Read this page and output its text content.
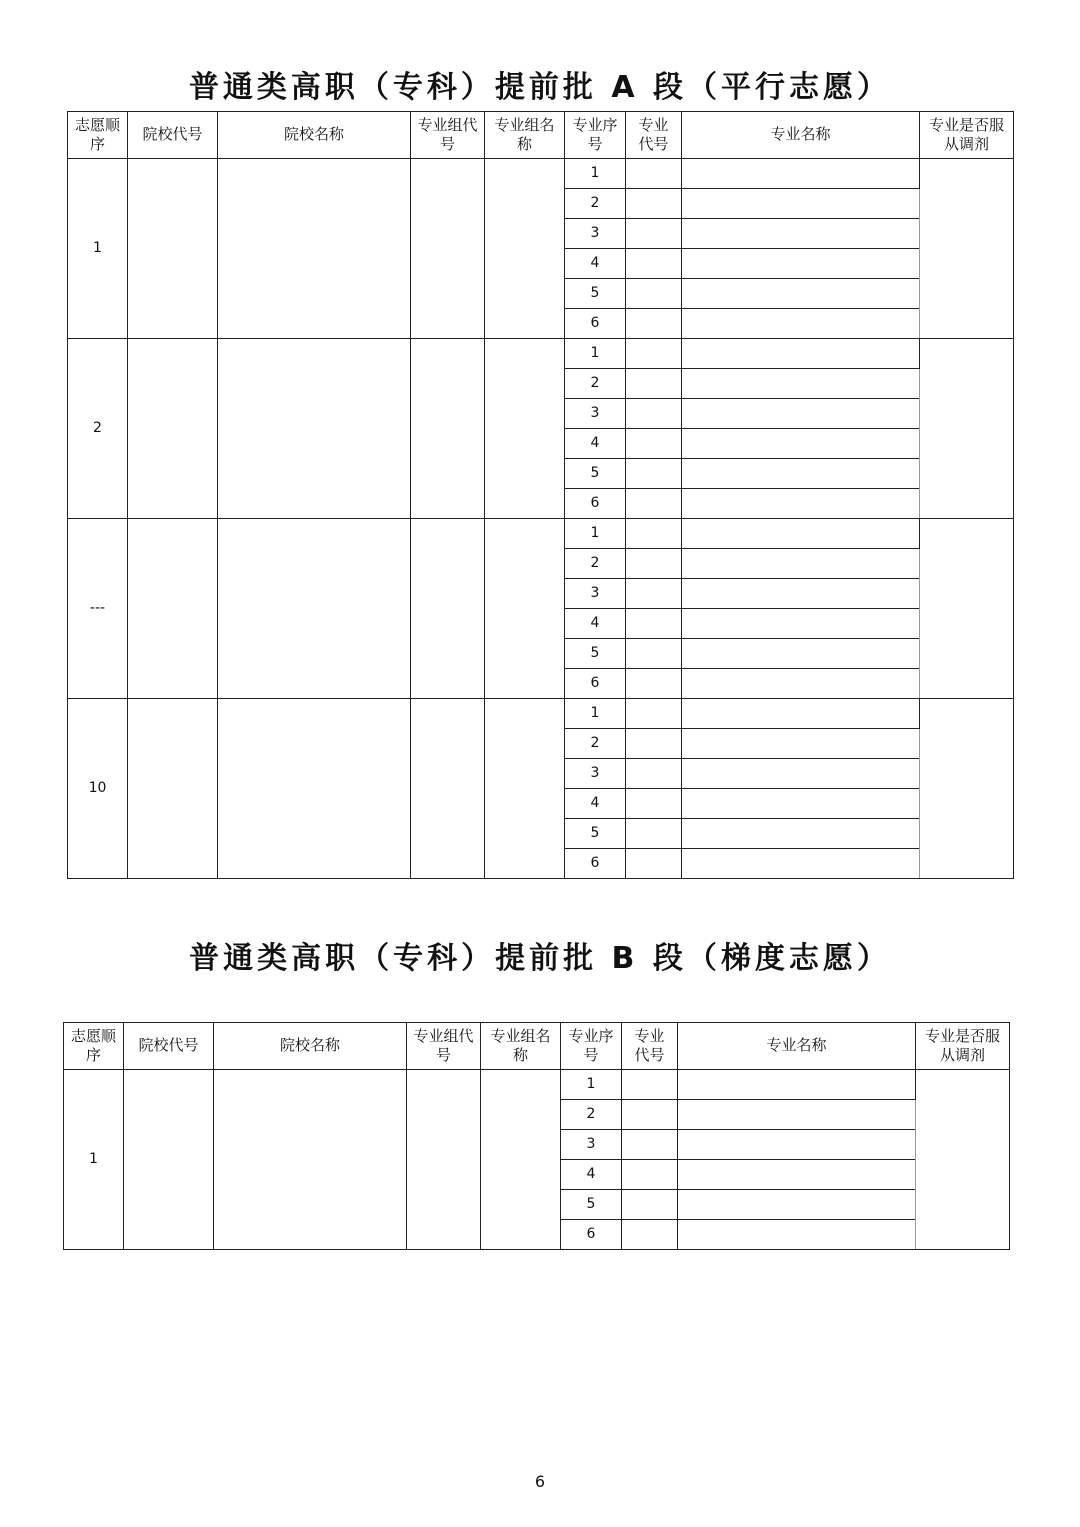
普通类高职（专科）提前批 A 段（平行志愿）
志愿顺序	院校代号	院校名称	专业组代号	专业组名称	专业序号	专业代号	专业名称	专业是否服从调剂
1					1			
					2			
					3			
					4			
					5			
					6			
2					1			
					2			
					3			
					4			
					5			
					6			
---					1			
					2			
					3			
					4			
					5			
					6			
10					1			
					2			
					3			
					4			
					5			
					6			
普通类高职（专科）提前批 B 段（梯度志愿）
志愿顺序	院校代号	院校名称	专业组代号	专业组名称	专业序号	专业代号	专业名称	专业是否服从调剂
1					1			
					2			
					3			
					4			
					5			
					6			
6
